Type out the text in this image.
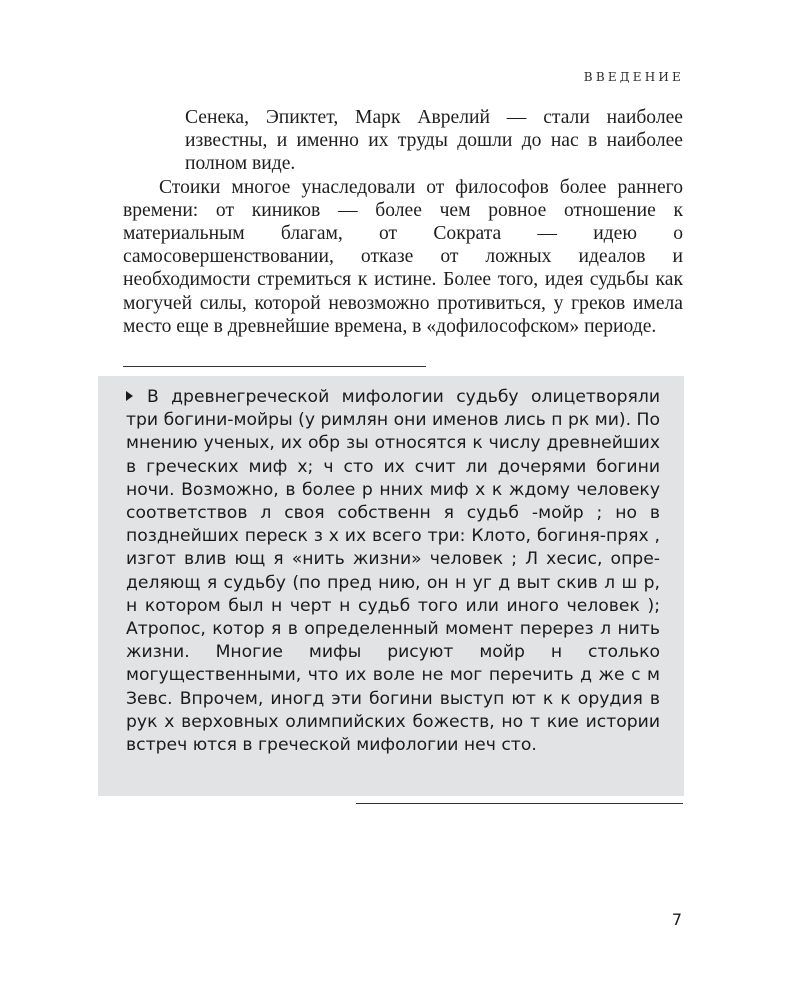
ВВЕДЕНИЕ

Сенека, Эпиктет, Марк Аврелий — стали наиболее известны, и именно их труды дошли до нас в наиболее полном виде.

Стоики многое унаследовали от философов более раннего времени: от киников — более чем ровное отношение к материальным благам, от Сократа — идею о самосовершенствовании, отказе от ложных идеалов и необходимости стремиться к истине. Более того, идея судьбы как могучей силы, которой невозможно противиться, у греков имела место еще в древнейшие времена, в «дофилософском» периоде.

В древнегреческой мифологии судьбу олицетворяли три богини-мойры (у римлян они именов лись п рк ми). По мнению ученых, их обр зы относятся к числу древнейших в греческих миф х; ч сто их счит ли дочерями богини ночи. Возможно, в более р нних миф х к ждому человеку соответствов л своя собственн я судьб -мойр ; но в позднейших переск з х их всего три: Клото, богиня-прях , изгот влив ющ я «нить жизни» человек ; Л хесис, определяющ я судьбу (по пред нию, он н уг д выт скив л ш р, н котором был н черт н судьб того или иного человек ); Атропос, котор я в определенный момент перерез л нить жизни. Многие мифы рисуют мойр н столько могущественными, что их воле не мог перечить д же с м Зевс. Впрочем, иногд эти богини выступ ют к к орудия в рук х верховных олимпийских божеств, но т кие истории встреч ются в греческой мифологии неч сто.

7
